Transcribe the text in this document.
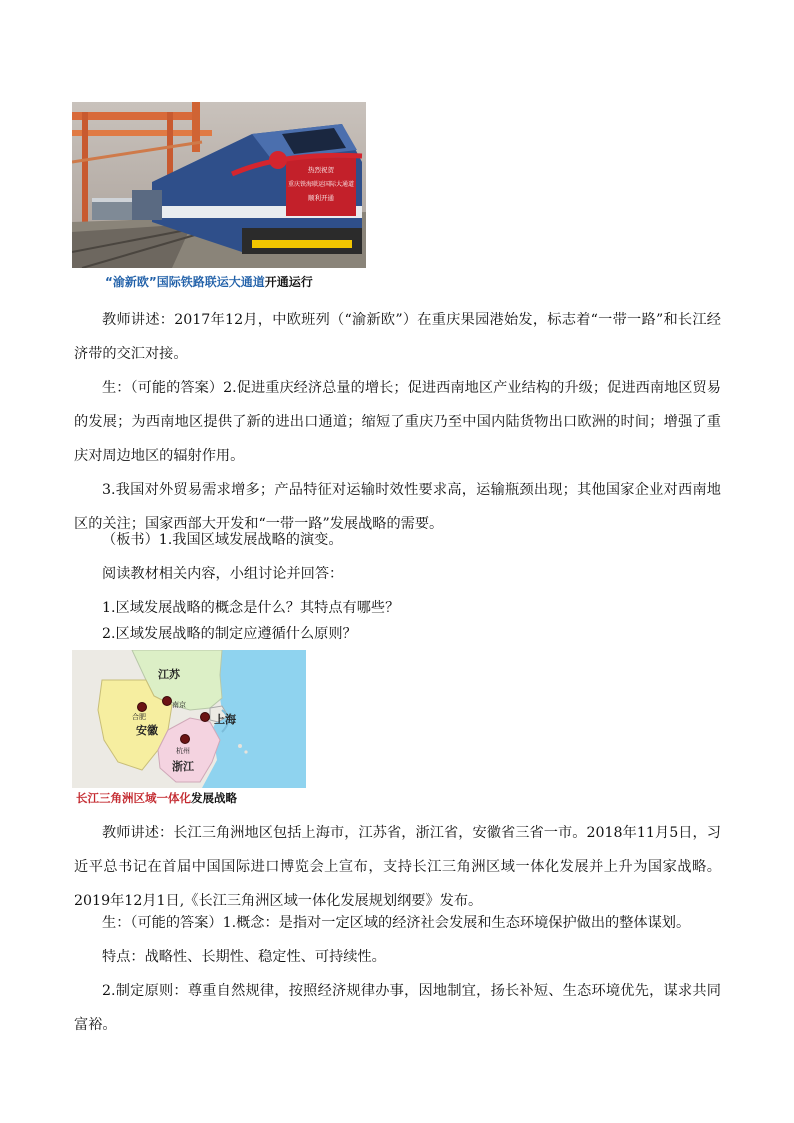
热烈祝贺
重庆铁海联运国际大通道
顺利开通
“渝新欧”国际铁路联运大通道开通运行
教师讲述：2017年12月，中欧班列（“渝新欧”）在重庆果园港始发，标志着“一带一路”和长江经济带的交汇对接。
生：（可能的答案）2.促进重庆经济总量的增长；促进西南地区产业结构的升级；促进西南地区贸易的发展；为西南地区提供了新的进出口通道；缩短了重庆乃至中国内陆货物出口欧洲的时间；增强了重庆对周边地区的辐射作用。
3.我国对外贸易需求增多；产品特征对运输时效性要求高，运输瓶颈出现；其他国家企业对西南地区的关注；国家西部大开发和“一带一路”发展战略的需要。
（板书）1.我国区域发展战略的演变。
阅读教材相关内容，小组讨论并回答：
1.区域发展战略的概念是什么？其特点有哪些？
2.区域发展战略的制定应遵循什么原则？
江苏
南京
合肥
安徽
上海
杭州
浙江
长江三角洲区域一体化发展战略
教师讲述：长江三角洲地区包括上海市，江苏省，浙江省，安徽省三省一市。2018年11月5日，习近平总书记在首届中国国际进口博览会上宣布，支持长江三角洲区域一体化发展并上升为国家战略。2019年12月1日,《长江三角洲区域一体化发展规划纲要》发布。
生：（可能的答案）1.概念：是指对一定区域的经济社会发展和生态环境保护做出的整体谋划。
特点：战略性、长期性、稳定性、可持续性。
2.制定原则：尊重自然规律，按照经济规律办事，因地制宜，扬长补短、生态环境优先，谋求共同富裕。
